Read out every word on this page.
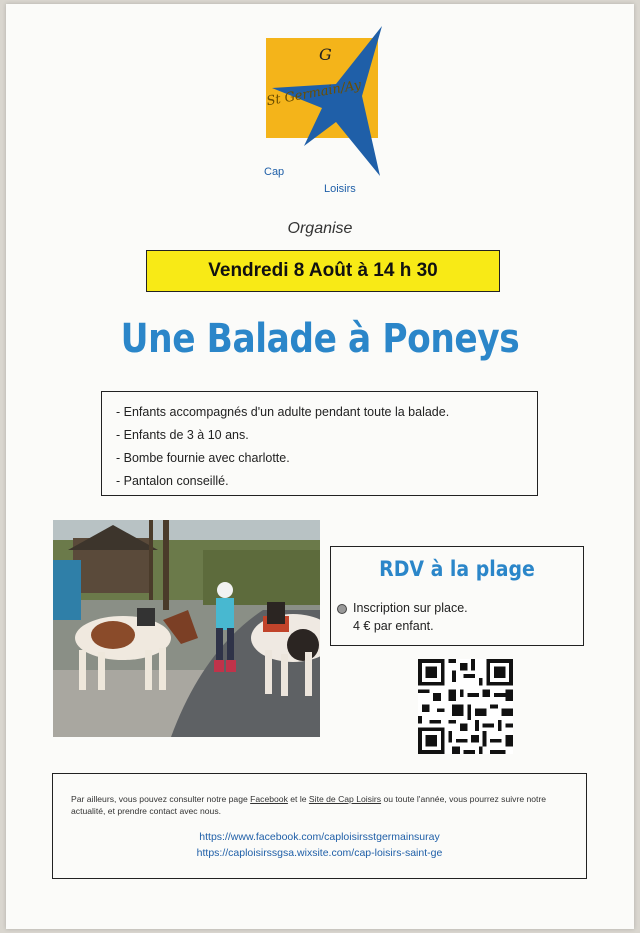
G
St Germain/Ay
Cap
Loisirs
Organise
Vendredi 8 Août à 14 h 30
Une Balade à Poneys
- Enfants accompagnés d'un adulte pendant toute la balade.
- Enfants de 3 à 10 ans.
- Bombe fournie avec charlotte.
- Pantalon conseillé.
RDV à la plage
Inscription sur place.
4 € par enfant.
Par ailleurs, vous pouvez consulter notre page Facebook et le Site de Cap Loisirs ou toute l'année, vous pourrez suivre notre actualité, et prendre contact avec nous.
https://www.facebook.com/caploisirsstgermainsuray
https://caploisirssgsa.wixsite.com/cap-loisirs-saint-ge
